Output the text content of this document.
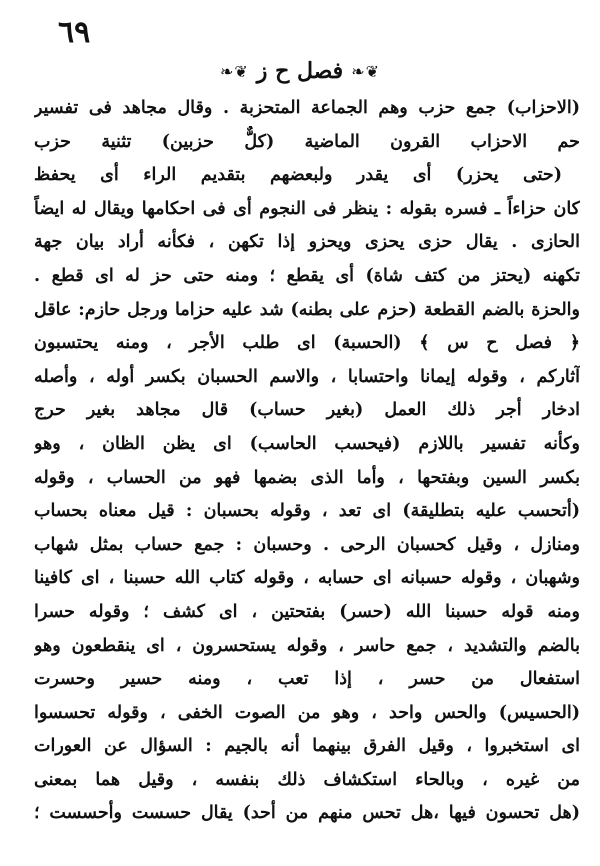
٦٩
❦❧
فصل ح ز
❦❧
(الاحزاب) جمع حزب وهم الجماعة المتحزبة . وقال مجاهد فى تفسير
حم الاحزاب القرون الماضية (كلٌّ حزبين) تثنية حزب
(حتى يحزر) أى يقدر ولبعضهم بتقديم الراء أى يحفظ
كان حزاءاً ـ فسره بقوله : ينظر فى النجوم أى فى احكامها ويقال له ايضاً
الحازى . يقال حزى يحزى ويحزو إذا تكهن ، فكأنه أراد بيان جهة
تكهنه (يحتز من كتف شاة) أى يقطع ؛ ومنه حتى حز له اى قطع .
والحزة بالضم القطعة (حزم على بطنه) شد عليه حزاما ورجل حازم: عاقل
﴿ فصل ح س ﴾ (الحسبة) اى طلب الأجر ، ومنه يحتسبون
آثاركم ، وقوله إيمانا واحتسابا ، والاسم الحسبان بكسر أوله ، وأصله
ادخار أجر ذلك العمل (بغير حساب) قال مجاهد بغير حرج
وكأنه تفسير باللازم (فيحسب الحاسب) اى يظن الظان ، وهو
بكسر السين وبفتحها ، وأما الذى بضمها فهو من الحساب ، وقوله
(أتحسب عليه بتطليقة) اى تعد ، وقوله بحسبان : قيل معناه بحساب
ومنازل ، وقيل كحسبان الرحى . وحسبان : جمع حساب بمثل شهاب
وشهبان ، وقوله حسبانه اى حسابه ، وقوله كتاب الله حسبنا ، اى كافينا
ومنه قوله حسبنا الله (حسر) بفتحتين ، اى كشف ؛ وقوله حسرا
بالضم والتشديد ، جمع حاسر ، وقوله يستحسرون ، اى ينقطعون وهو
استفعال من حسر ، إذا تعب ، ومنه حسير وحسرت
(الحسيس) والحس واحد ، وهو من الصوت الخفى ، وقوله تحسسوا
اى استخبروا ، وقيل الفرق بينهما أنه بالجيم : السؤال عن العورات
من غيره ، وبالحاء استكشاف ذلك بنفسه ، وقيل هما بمعنى
(هل تحسون فيها ،هل تحس منهم من أحد) يقال حسست وأحسست ؛
